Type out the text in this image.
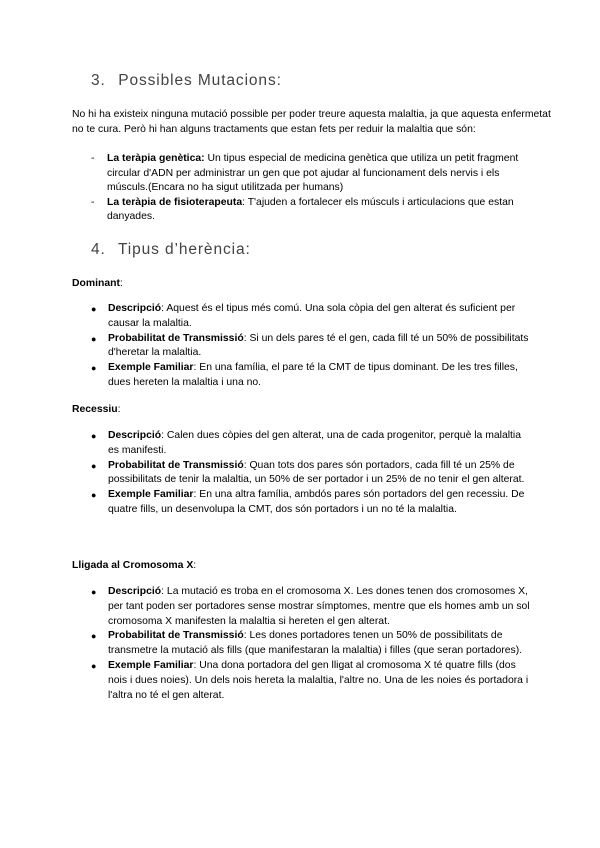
3. Possibles Mutacions:
No hi ha existeix ninguna mutació possible per poder treure aquesta malaltia, ja que aquesta enfermetat no te cura. Però hi han alguns tractaments que estan fets per reduir la malaltia que són:
- La teràpia genètica: Un tipus especial de medicina genètica que utiliza un petit fragment circular d'ADN per administrar un gen que pot ajudar al funcionament dels nervis i els músculs.(Encara no ha sigut utilitzada per humans)
- La teràpia de fisioterapeuta: T'ajuden a fortalecer els músculs i articulacions que estan danyades.
4. Tipus d’herència:
Dominant:
● Descripció: Aquest és el tipus més comú. Una sola còpia del gen alterat és suficient per causar la malaltia.
● Probabilitat de Transmissió: Si un dels pares té el gen, cada fill té un 50% de possibilitats d'heretar la malaltia.
● Exemple Familiar: En una família, el pare té la CMT de tipus dominant. De les tres filles, dues hereten la malaltia i una no.
Recessiu:
● Descripció: Calen dues còpies del gen alterat, una de cada progenitor, perquè la malaltia es manifesti.
● Probabilitat de Transmissió: Quan tots dos pares són portadors, cada fill té un 25% de possibilitats de tenir la malaltia, un 50% de ser portador i un 25% de no tenir el gen alterat.
● Exemple Familiar: En una altra família, ambdós pares són portadors del gen recessiu. De quatre fills, un desenvolupa la CMT, dos són portadors i un no té la malaltia.
Lligada al Cromosoma X:
● Descripció: La mutació es troba en el cromosoma X. Les dones tenen dos cromosomes X, per tant poden ser portadores sense mostrar símptomes, mentre que els homes amb un sol cromosoma X manifesten la malaltia si hereten el gen alterat.
● Probabilitat de Transmissió: Les dones portadores tenen un 50% de possibilitats de transmetre la mutació als fills (que manifestaran la malaltia) i filles (que seran portadores).
● Exemple Familiar: Una dona portadora del gen lligat al cromosoma X té quatre fills (dos nois i dues noies). Un dels nois hereta la malaltia, l'altre no. Una de les noies és portadora i l'altra no té el gen alterat.
